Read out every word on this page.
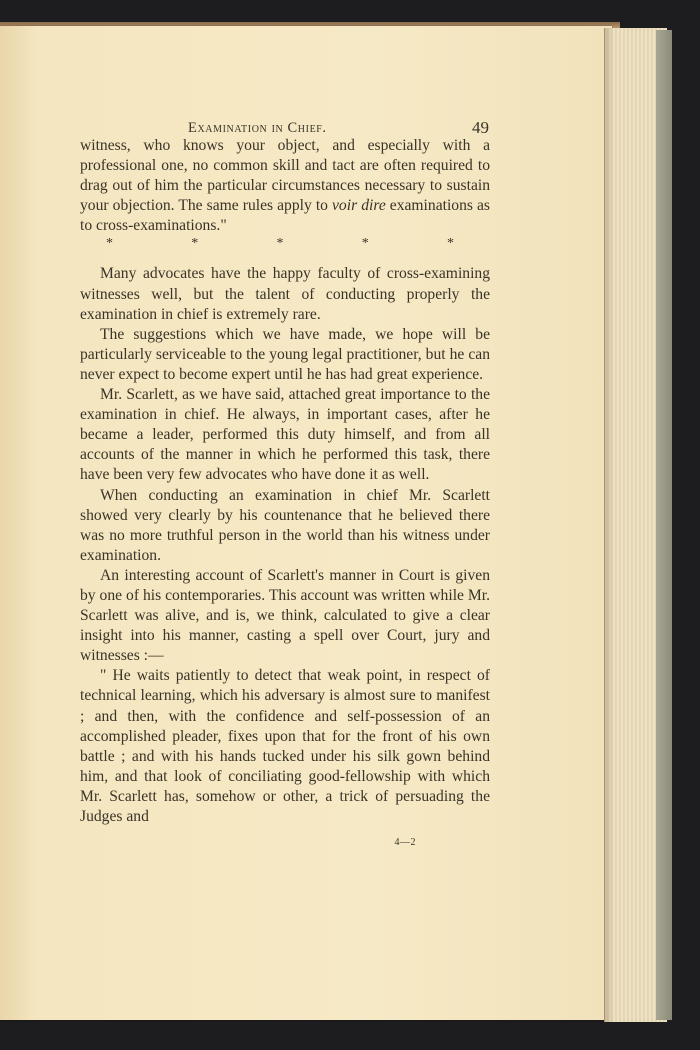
Examination in Chief.	49

witness, who knows your object, and especially with a professional one, no common skill and tact are often required to drag out of him the particular circumstances necessary to sustain your objection. The same rules apply to voir dire examinations as to cross-examinations."

*	*	*	*	*

Many advocates have the happy faculty of cross-examining witnesses well, but the talent of conducting properly the examination in chief is extremely rare.

The suggestions which we have made, we hope will be particularly serviceable to the young legal practitioner, but he can never expect to become expert until he has had great experience.

Mr. Scarlett, as we have said, attached great importance to the examination in chief. He always, in important cases, after he became a leader, performed this duty himself, and from all accounts of the manner in which he performed this task, there have been very few advocates who have done it as well.

When conducting an examination in chief Mr. Scarlett showed very clearly by his countenance that he believed there was no more truthful person in the world than his witness under examination.

An interesting account of Scarlett's manner in Court is given by one of his contemporaries. This account was written while Mr. Scarlett was alive, and is, we think, calculated to give a clear insight into his manner, casting a spell over Court, jury and witnesses :—

" He waits patiently to detect that weak point, in respect of technical learning, which his adversary is almost sure to manifest ; and then, with the confidence and self-possession of an accomplished pleader, fixes upon that for the front of his own battle ; and with his hands tucked under his silk gown behind him, and that look of conciliating good-fellowship with which Mr. Scarlett has, somehow or other, a trick of persuading the Judges and

4—2
